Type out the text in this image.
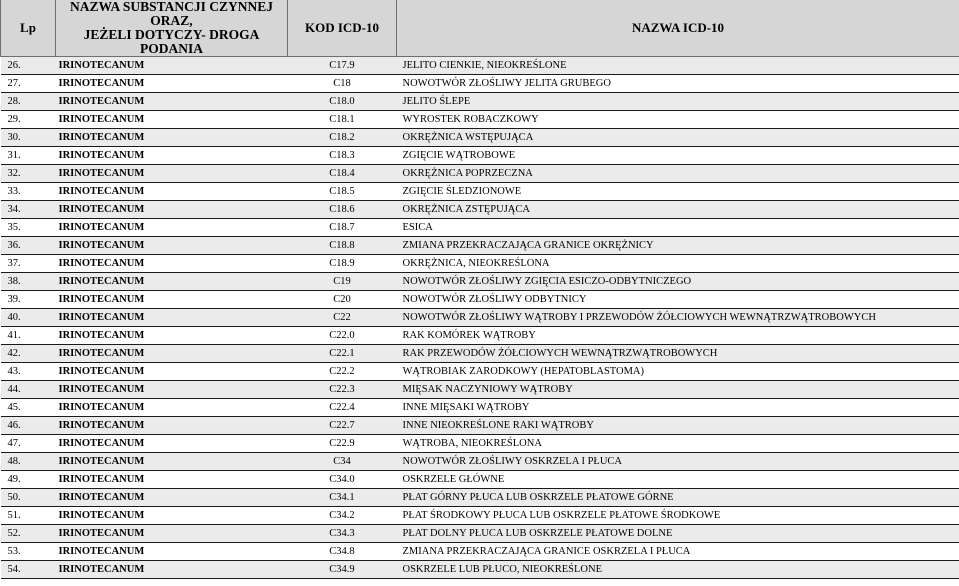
Lp	NAZWA SUBSTANCJI CZYNNEJ ORAZ,
JEŻELI DOTYCZY- DROGA PODANIA	KOD ICD-10	NAZWA ICD-10
26.	IRINOTECANUM	C17.9	JELITO CIENKIE, NIEOKREŚLONE
27.	IRINOTECANUM	C18	NOWOTWÓR ZŁOŚLIWY JELITA GRUBEGO
28.	IRINOTECANUM	C18.0	JELITO ŚLEPE
29.	IRINOTECANUM	C18.1	WYROSTEK ROBACZKOWY
30.	IRINOTECANUM	C18.2	OKRĘŻNICA WSTĘPUJĄCA
31.	IRINOTECANUM	C18.3	ZGIĘCIE WĄTROBOWE
32.	IRINOTECANUM	C18.4	OKRĘŻNICA POPRZECZNA
33.	IRINOTECANUM	C18.5	ZGIĘCIE ŚLEDZIONOWE
34.	IRINOTECANUM	C18.6	OKRĘŻNICA ZSTĘPUJĄCA
35.	IRINOTECANUM	C18.7	ESICA
36.	IRINOTECANUM	C18.8	ZMIANA PRZEKRACZAJĄCA GRANICE OKRĘŻNICY
37.	IRINOTECANUM	C18.9	OKRĘŻNICA, NIEOKREŚLONA
38.	IRINOTECANUM	C19	NOWOTWÓR ZŁOŚLIWY ZGIĘCIA ESICZO-ODBYTNICZEGO
39.	IRINOTECANUM	C20	NOWOTWÓR ZŁOŚLIWY ODBYTNICY
40.	IRINOTECANUM	C22	NOWOTWÓR ZŁOŚLIWY WĄTROBY I PRZEWODÓW ŻÓŁCIOWYCH WEWNĄTRZWĄTROBOWYCH
41.	IRINOTECANUM	C22.0	RAK KOMÓREK WĄTROBY
42.	IRINOTECANUM	C22.1	RAK PRZEWODÓW ŻÓŁCIOWYCH WEWNĄTRZWĄTROBOWYCH
43.	IRINOTECANUM	C22.2	WĄTROBIAK ZARODKOWY (HEPATOBLASTOMA)
44.	IRINOTECANUM	C22.3	MIĘSAK NACZYNIOWY WĄTROBY
45.	IRINOTECANUM	C22.4	INNE MIĘSAKI WĄTROBY
46.	IRINOTECANUM	C22.7	INNE NIEOKREŚLONE RAKI WĄTROBY
47.	IRINOTECANUM	C22.9	WĄTROBA, NIEOKREŚLONA
48.	IRINOTECANUM	C34	NOWOTWÓR ZŁOŚLIWY OSKRZELA I PŁUCA
49.	IRINOTECANUM	C34.0	OSKRZELE GŁÓWNE
50.	IRINOTECANUM	C34.1	PŁAT GÓRNY PŁUCA LUB OSKRZELE PŁATOWE GÓRNE
51.	IRINOTECANUM	C34.2	PŁAT ŚRODKOWY PŁUCA LUB OSKRZELE PŁATOWE ŚRODKOWE
52.	IRINOTECANUM	C34.3	PŁAT DOLNY PŁUCA LUB OSKRZELE PŁATOWE DOLNE
53.	IRINOTECANUM	C34.8	ZMIANA PRZEKRACZAJĄCA GRANICE OSKRZELA I PŁUCA
54.	IRINOTECANUM	C34.9	OSKRZELE LUB PŁUCO, NIEOKREŚLONE
